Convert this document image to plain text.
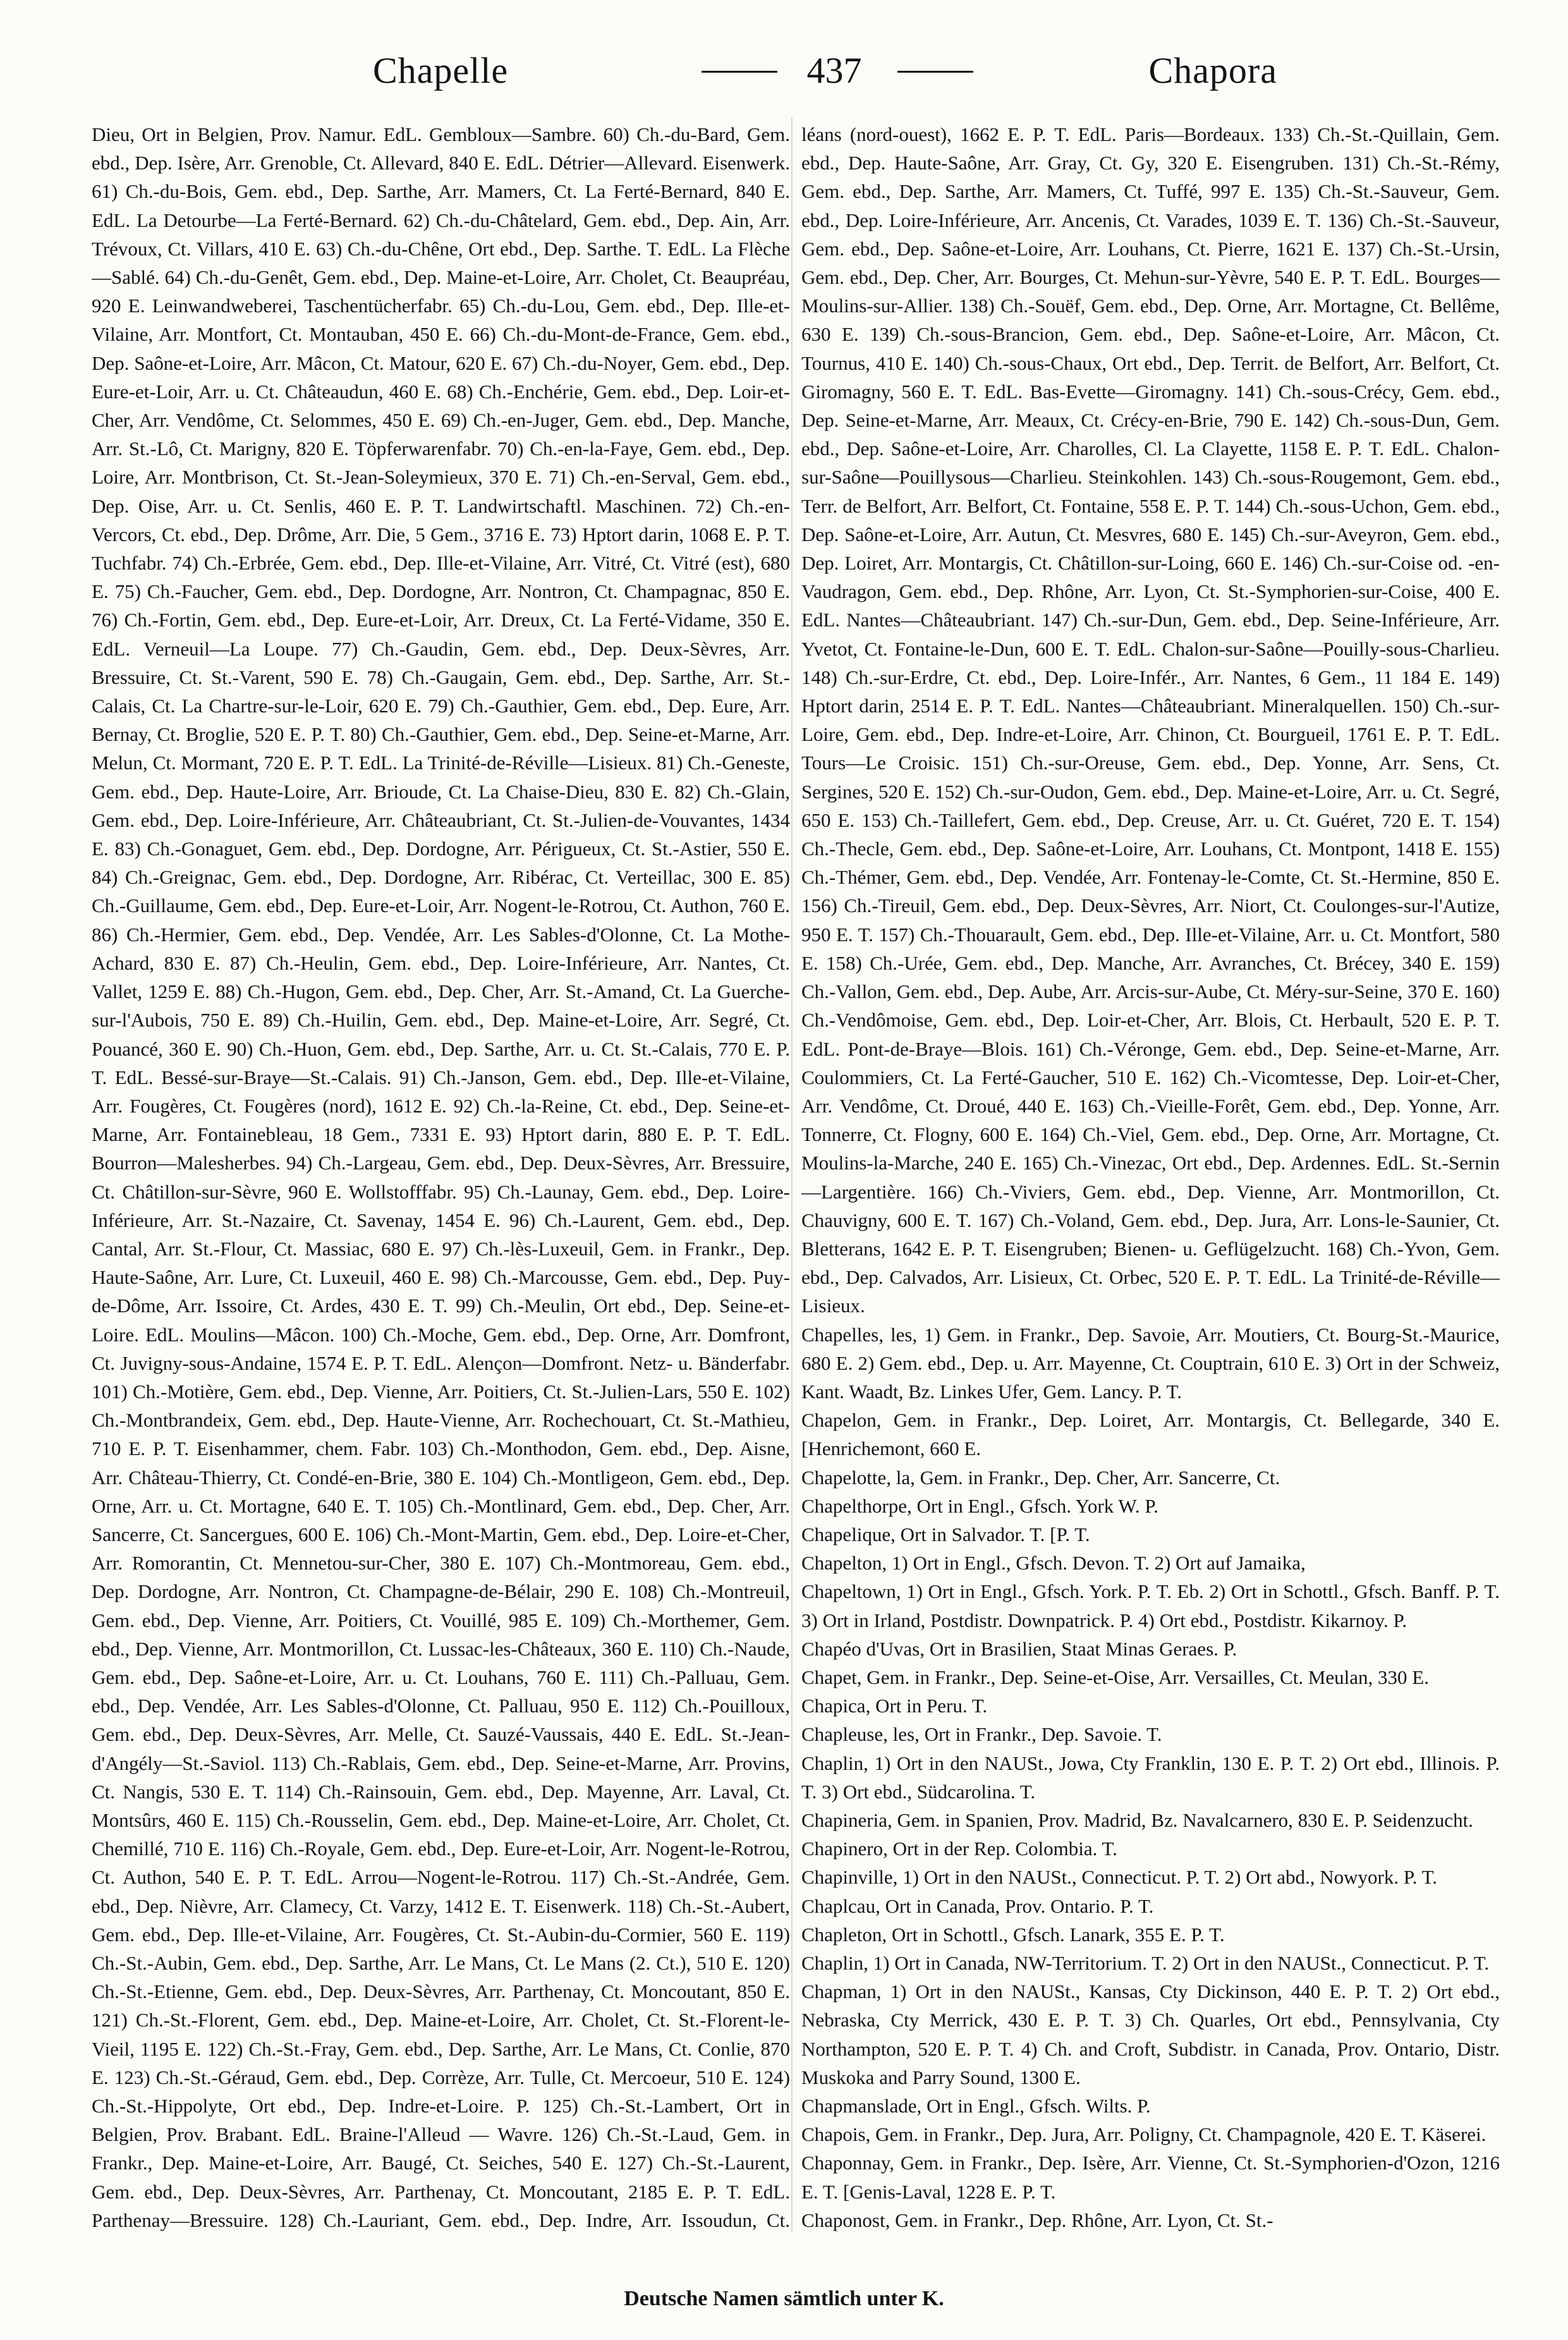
Chapelle	437	Chapora

Dieu, Ort in Belgien, Prov. Namur. EdL. Gembloux—Sambre. 60) Ch.-du-Bard, Gem. ebd., Dep. Isère, Arr. Grenoble, Ct. Allevard, 840 E. EdL. Détrier—Allevard. Eisenwerk. 61) Ch.-du-Bois, Gem. ebd., Dep. Sarthe, Arr. Mamers, Ct. La Ferté-Bernard, 840 E. EdL. La Detourbe—La Ferté-Bernard. 62) Ch.-du-Châtelard, Gem. ebd., Dep. Ain, Arr. Trévoux, Ct. Villars, 410 E. 63) Ch.-du-Chêne, Ort ebd., Dep. Sarthe. T. EdL. La Flèche—Sablé. 64) Ch.-du-Genêt, Gem. ebd., Dep. Maine-et-Loire, Arr. Cholet, Ct. Beaupréau, 920 E. Leinwandweberei, Taschentücherfabr. 65) Ch.-du-Lou, Gem. ebd., Dep. Ille-et-Vilaine, Arr. Montfort, Ct. Montauban, 450 E. 66) Ch.-du-Mont-de-France, Gem. ebd., Dep. Saône-et-Loire, Arr. Mâcon, Ct. Matour, 620 E. 67) Ch.-du-Noyer, Gem. ebd., Dep. Eure-et-Loir, Arr. u. Ct. Châteaudun, 460 E. 68) Ch.-Enchérie, Gem. ebd., Dep. Loir-et-Cher, Arr. Vendôme, Ct. Selommes, 450 E. 69) Ch.-en-Juger, Gem. ebd., Dep. Manche, Arr. St.-Lô, Ct. Marigny, 820 E. Töpferwarenfabr. 70) Ch.-en-la-Faye, Gem. ebd., Dep. Loire, Arr. Montbrison, Ct. St.-Jean-Soleymieux, 370 E. 71) Ch.-en-Serval, Gem. ebd., Dep. Oise, Arr. u. Ct. Senlis, 460 E. P. T. Landwirtschaftl. Maschinen. 72) Ch.-en-Vercors, Ct. ebd., Dep. Drôme, Arr. Die, 5 Gem., 3716 E. 73) Hptort darin, 1068 E. P. T. Tuchfabr. 74) Ch.-Erbrée, Gem. ebd., Dep. Ille-et-Vilaine, Arr. Vitré, Ct. Vitré (est), 680 E. 75) Ch.-Faucher, Gem. ebd., Dep. Dordogne, Arr. Nontron, Ct. Champagnac, 850 E. 76) Ch.-Fortin, Gem. ebd., Dep. Eure-et-Loir, Arr. Dreux, Ct. La Ferté-Vidame, 350 E. EdL. Verneuil—La Loupe. 77) Ch.-Gaudin, Gem. ebd., Dep. Deux-Sèvres, Arr. Bressuire, Ct. St.-Varent, 590 E. 78) Ch.-Gaugain, Gem. ebd., Dep. Sarthe, Arr. St.-Calais, Ct. La Chartre-sur-le-Loir, 620 E. 79) Ch.-Gauthier, Gem. ebd., Dep. Eure, Arr. Bernay, Ct. Broglie, 520 E. P. T. 80) Ch.-Gauthier, Gem. ebd., Dep. Seine-et-Marne, Arr. Melun, Ct. Mormant, 720 E. P. T. EdL. La Trinité-de-Réville—Lisieux. 81) Ch.-Geneste, Gem. ebd., Dep. Haute-Loire, Arr. Brioude, Ct. La Chaise-Dieu, 830 E. 82) Ch.-Glain, Gem. ebd., Dep. Loire-Inférieure, Arr. Châteaubriant, Ct. St.-Julien-de-Vouvantes, 1434 E. 83) Ch.-Gonaguet, Gem. ebd., Dep. Dordogne, Arr. Périgueux, Ct. St.-Astier, 550 E. 84) Ch.-Greignac, Gem. ebd., Dep. Dordogne, Arr. Ribérac, Ct. Verteillac, 300 E. 85) Ch.-Guillaume, Gem. ebd., Dep. Eure-et-Loir, Arr. Nogent-le-Rotrou, Ct. Authon, 760 E. 86) Ch.-Hermier, Gem. ebd., Dep. Vendée, Arr. Les Sables-d'Olonne, Ct. La Mothe-Achard, 830 E. 87) Ch.-Heulin, Gem. ebd., Dep. Loire-Inférieure, Arr. Nantes, Ct. Vallet, 1259 E. 88) Ch.-Hugon, Gem. ebd., Dep. Cher, Arr. St.-Amand, Ct. La Guerche-sur-l'Aubois, 750 E. 89) Ch.-Huilin, Gem. ebd., Dep. Maine-et-Loire, Arr. Segré, Ct. Pouancé, 360 E. 90) Ch.-Huon, Gem. ebd., Dep. Sarthe, Arr. u. Ct. St.-Calais, 770 E. P. T. EdL. Bessé-sur-Braye—St.-Calais. 91) Ch.-Janson, Gem. ebd., Dep. Ille-et-Vilaine, Arr. Fougères, Ct. Fougères (nord), 1612 E. 92) Ch.-la-Reine, Ct. ebd., Dep. Seine-et-Marne, Arr. Fontainebleau, 18 Gem., 7331 E. 93) Hptort darin, 880 E. P. T. EdL. Bourron—Malesherbes. 94) Ch.-Largeau, Gem. ebd., Dep. Deux-Sèvres, Arr. Bressuire, Ct. Châtillon-sur-Sèvre, 960 E. Wollstofffabr. 95) Ch.-Launay, Gem. ebd., Dep. Loire-Inférieure, Arr. St.-Nazaire, Ct. Savenay, 1454 E. 96) Ch.-Laurent, Gem. ebd., Dep. Cantal, Arr. St.-Flour, Ct. Massiac, 680 E. 97) Ch.-lès-Luxeuil, Gem. in Frankr., Dep. Haute-Saône, Arr. Lure, Ct. Luxeuil, 460 E. 98) Ch.-Marcousse, Gem. ebd., Dep. Puy-de-Dôme, Arr. Issoire, Ct. Ardes, 430 E. T. 99) Ch.-Meulin, Ort ebd., Dep. Seine-et-Loire. EdL. Moulins—Mâcon. 100) Ch.-Moche, Gem. ebd., Dep. Orne, Arr. Domfront, Ct. Juvigny-sous-Andaine, 1574 E. P. T. EdL. Alençon—Domfront. Netz- u. Bänderfabr. 101) Ch.-Motière, Gem. ebd., Dep. Vienne, Arr. Poitiers, Ct. St.-Julien-Lars, 550 E. 102) Ch.-Montbrandeix, Gem. ebd., Dep. Haute-Vienne, Arr. Rochechouart, Ct. St.-Mathieu, 710 E. P. T. Eisenhammer, chem. Fabr. 103) Ch.-Monthodon, Gem. ebd., Dep. Aisne, Arr. Château-Thierry, Ct. Condé-en-Brie, 380 E. 104) Ch.-Montligeon, Gem. ebd., Dep. Orne, Arr. u. Ct. Mortagne, 640 E. T. 105) Ch.-Montlinard, Gem. ebd., Dep. Cher, Arr. Sancerre, Ct. Sancergues, 600 E. 106) Ch.-Mont-Martin, Gem. ebd., Dep. Loire-et-Cher, Arr. Romorantin, Ct. Mennetou-sur-Cher, 380 E. 107) Ch.-Montmoreau, Gem. ebd., Dep. Dordogne, Arr. Nontron, Ct. Champagne-de-Bélair, 290 E. 108) Ch.-Montreuil, Gem. ebd., Dep. Vienne, Arr. Poitiers, Ct. Vouillé, 985 E. 109) Ch.-Morthemer, Gem. ebd., Dep. Vienne, Arr. Montmorillon, Ct. Lussac-les-Châteaux, 360 E. 110) Ch.-Naude, Gem. ebd., Dep. Saône-et-Loire, Arr. u. Ct. Louhans, 760 E. 111) Ch.-Palluau, Gem. ebd., Dep. Vendée, Arr. Les Sables-d'Olonne, Ct. Palluau, 950 E. 112) Ch.-Pouilloux, Gem. ebd., Dep. Deux-Sèvres, Arr. Melle, Ct. Sauzé-Vaussais, 440 E. EdL. St.-Jean-d'Angély—St.-Saviol. 113) Ch.-Rablais, Gem. ebd., Dep. Seine-et-Marne, Arr. Provins, Ct. Nangis, 530 E. T. 114) Ch.-Rainsouin, Gem. ebd., Dep. Mayenne, Arr. Laval, Ct. Montsûrs, 460 E. 115) Ch.-Rousselin, Gem. ebd., Dep. Maine-et-Loire, Arr. Cholet, Ct. Chemillé, 710 E. 116) Ch.-Royale, Gem. ebd., Dep. Eure-et-Loir, Arr. Nogent-le-Rotrou, Ct. Authon, 540 E. P. T. EdL. Arrou—Nogent-le-Rotrou. 117) Ch.-St.-Andrée, Gem. ebd., Dep. Nièvre, Arr. Clamecy, Ct. Varzy, 1412 E. T. Eisenwerk. 118) Ch.-St.-Aubert, Gem. ebd., Dep. Ille-et-Vilaine, Arr. Fougères, Ct. St.-Aubin-du-Cormier, 560 E. 119) Ch.-St.-Aubin, Gem. ebd., Dep. Sarthe, Arr. Le Mans, Ct. Le Mans (2. Ct.), 510 E. 120) Ch.-St.-Etienne, Gem. ebd., Dep. Deux-Sèvres, Arr. Parthenay, Ct. Moncoutant, 850 E. 121) Ch.-St.-Florent, Gem. ebd., Dep. Maine-et-Loire, Arr. Cholet, Ct. St.-Florent-le-Vieil, 1195 E. 122) Ch.-St.-Fray, Gem. ebd., Dep. Sarthe, Arr. Le Mans, Ct. Conlie, 870 E. 123) Ch.-St.-Géraud, Gem. ebd., Dep. Corrèze, Arr. Tulle, Ct. Mercoeur, 510 E. 124) Ch.-St.-Hippolyte, Ort ebd., Dep. Indre-et-Loire. P. 125) Ch.-St.-Lambert, Ort in Belgien, Prov. Brabant. EdL. Braine-l'Alleud — Wavre. 126) Ch.-St.-Laud, Gem. in Frankr., Dep. Maine-et-Loire, Arr. Baugé, Ct. Seiches, 540 E. 127) Ch.-St.-Laurent, Gem. ebd., Dep. Deux-Sèvres, Arr. Parthenay, Ct. Moncoutant, 2185 E. P. T. EdL. Parthenay—Bressuire. 128) Ch.-Lauriant, Gem. ebd., Dep. Indre, Arr. Issoudun, Ct.

léans (nord-ouest), 1662 E. P. T. EdL. Paris—Bordeaux. 133) Ch.-St.-Quillain, Gem. ebd., Dep. Haute-Saône, Arr. Gray, Ct. Gy, 320 E. Eisengruben. 131) Ch.-St.-Rémy, Gem. ebd., Dep. Sarthe, Arr. Mamers, Ct. Tuffé, 997 E. 135) Ch.-St.-Sauveur, Gem. ebd., Dep. Loire-Inférieure, Arr. Ancenis, Ct. Varades, 1039 E. T. 136) Ch.-St.-Sauveur, Gem. ebd., Dep. Saône-et-Loire, Arr. Louhans, Ct. Pierre, 1621 E. 137) Ch.-St.-Ursin, Gem. ebd., Dep. Cher, Arr. Bourges, Ct. Mehun-sur-Yèvre, 540 E. P. T. EdL. Bourges—Moulins-sur-Allier. 138) Ch.-Souëf, Gem. ebd., Dep. Orne, Arr. Mortagne, Ct. Bellême, 630 E. 139) Ch.-sous-Brancion, Gem. ebd., Dep. Saône-et-Loire, Arr. Mâcon, Ct. Tournus, 410 E. 140) Ch.-sous-Chaux, Ort ebd., Dep. Territ. de Belfort, Arr. Belfort, Ct. Giromagny, 560 E. T. EdL. Bas-Evette—Giromagny. 141) Ch.-sous-Crécy, Gem. ebd., Dep. Seine-et-Marne, Arr. Meaux, Ct. Crécy-en-Brie, 790 E. 142) Ch.-sous-Dun, Gem. ebd., Dep. Saône-et-Loire, Arr. Charolles, Cl. La Clayette, 1158 E. P. T. EdL. Chalon-sur-Saône—Pouillysous—Charlieu. Steinkohlen. 143) Ch.-sous-Rougemont, Gem. ebd., Terr. de Belfort, Arr. Belfort, Ct. Fontaine, 558 E. P. T. 144) Ch.-sous-Uchon, Gem. ebd., Dep. Saône-et-Loire, Arr. Autun, Ct. Mesvres, 680 E. 145) Ch.-sur-Aveyron, Gem. ebd., Dep. Loiret, Arr. Montargis, Ct. Châtillon-sur-Loing, 660 E. 146) Ch.-sur-Coise od. -en-Vaudragon, Gem. ebd., Dep. Rhône, Arr. Lyon, Ct. St.-Symphorien-sur-Coise, 400 E. EdL. Nantes—Châteaubriant. 147) Ch.-sur-Dun, Gem. ebd., Dep. Seine-Inférieure, Arr. Yvetot, Ct. Fontaine-le-Dun, 600 E. T. EdL. Chalon-sur-Saône—Pouilly-sous-Charlieu. 148) Ch.-sur-Erdre, Ct. ebd., Dep. Loire-Infér., Arr. Nantes, 6 Gem., 11 184 E. 149) Hptort darin, 2514 E. P. T. EdL. Nantes—Châteaubriant. Mineralquellen. 150) Ch.-sur-Loire, Gem. ebd., Dep. Indre-et-Loire, Arr. Chinon, Ct. Bourgueil, 1761 E. P. T. EdL. Tours—Le Croisic. 151) Ch.-sur-Oreuse, Gem. ebd., Dep. Yonne, Arr. Sens, Ct. Sergines, 520 E. 152) Ch.-sur-Oudon, Gem. ebd., Dep. Maine-et-Loire, Arr. u. Ct. Segré, 650 E. 153) Ch.-Taillefert, Gem. ebd., Dep. Creuse, Arr. u. Ct. Guéret, 720 E. T. 154) Ch.-Thecle, Gem. ebd., Dep. Saône-et-Loire, Arr. Louhans, Ct. Montpont, 1418 E. 155) Ch.-Thémer, Gem. ebd., Dep. Vendée, Arr. Fontenay-le-Comte, Ct. St.-Hermine, 850 E. 156) Ch.-Tireuil, Gem. ebd., Dep. Deux-Sèvres, Arr. Niort, Ct. Coulonges-sur-l'Autize, 950 E. T. 157) Ch.-Thouarault, Gem. ebd., Dep. Ille-et-Vilaine, Arr. u. Ct. Montfort, 580 E. 158) Ch.-Urée, Gem. ebd., Dep. Manche, Arr. Avranches, Ct. Brécey, 340 E. 159) Ch.-Vallon, Gem. ebd., Dep. Aube, Arr. Arcis-sur-Aube, Ct. Méry-sur-Seine, 370 E. 160) Ch.-Vendômoise, Gem. ebd., Dep. Loir-et-Cher, Arr. Blois, Ct. Herbault, 520 E. P. T. EdL. Pont-de-Braye—Blois. 161) Ch.-Véronge, Gem. ebd., Dep. Seine-et-Marne, Arr. Coulommiers, Ct. La Ferté-Gaucher, 510 E. 162) Ch.-Vicomtesse, Dep. Loir-et-Cher, Arr. Vendôme, Ct. Droué, 440 E. 163) Ch.-Vieille-Forêt, Gem. ebd., Dep. Yonne, Arr. Tonnerre, Ct. Flogny, 600 E. 164) Ch.-Viel, Gem. ebd., Dep. Orne, Arr. Mortagne, Ct. Moulins-la-Marche, 240 E. 165) Ch.-Vinezac, Ort ebd., Dep. Ardennes. EdL. St.-Sernin—Largentière. 166) Ch.-Viviers, Gem. ebd., Dep. Vienne, Arr. Montmorillon, Ct. Chauvigny, 600 E. T. 167) Ch.-Voland, Gem. ebd., Dep. Jura, Arr. Lons-le-Saunier, Ct. Bletterans, 1642 E. P. T. Eisengruben; Bienen- u. Geflügelzucht. 168) Ch.-Yvon, Gem. ebd., Dep. Calvados, Arr. Lisieux, Ct. Orbec, 520 E. P. T. EdL. La Trinité-de-Réville—Lisieux.

Chapelles, les, 1) Gem. in Frankr., Dep. Savoie, Arr. Moutiers, Ct. Bourg-St.-Maurice, 680 E. 2) Gem. ebd., Dep. u. Arr. Mayenne, Ct. Couptrain, 610 E. 3) Ort in der Schweiz, Kant. Waadt, Bz. Linkes Ufer, Gem. Lancy. P. T.

Chapelon, Gem. in Frankr., Dep. Loiret, Arr. Montargis, Ct. Bellegarde, 340 E. [Henrichemont, 660 E.

Chapelotte, la, Gem. in Frankr., Dep. Cher, Arr. Sancerre, Ct.

Chapelthorpe, Ort in Engl., Gfsch. York W. P.

Chapelique, Ort in Salvador. T. [P. T.

Chapelton, 1) Ort in Engl., Gfsch. Devon. T. 2) Ort auf Jamaika,

Chapeltown, 1) Ort in Engl., Gfsch. York. P. T. Eb. 2) Ort in Schottl., Gfsch. Banff. P. T. 3) Ort in Irland, Postdistr. Downpatrick. P. 4) Ort ebd., Postdistr. Kikarnoy. P.

Chapéo d'Uvas, Ort in Brasilien, Staat Minas Geraes. P.

Chapet, Gem. in Frankr., Dep. Seine-et-Oise, Arr. Versailles, Ct. Meulan, 330 E.

Chapica, Ort in Peru. T.

Chapleuse, les, Ort in Frankr., Dep. Savoie. T.

Chaplin, 1) Ort in den NAUSt., Jowa, Cty Franklin, 130 E. P. T. 2) Ort ebd., Illinois. P. T. 3) Ort ebd., Südcarolina. T.

Chapineria, Gem. in Spanien, Prov. Madrid, Bz. Navalcarnero, 830 E. P. Seidenzucht.

Chapinero, Ort in der Rep. Colombia. T.

Chapinville, 1) Ort in den NAUSt., Connecticut. P. T. 2) Ort abd., Nowyork. P. T.

Chaplcau, Ort in Canada, Prov. Ontario. P. T.

Chapleton, Ort in Schottl., Gfsch. Lanark, 355 E. P. T.

Chaplin, 1) Ort in Canada, NW-Territorium. T. 2) Ort in den NAUSt., Connecticut. P. T.

Chapman, 1) Ort in den NAUSt., Kansas, Cty Dickinson, 440 E. P. T. 2) Ort ebd., Nebraska, Cty Merrick, 430 E. P. T. 3) Ch. Quarles, Ort ebd., Pennsylvania, Cty Northampton, 520 E. P. T. 4) Ch. and Croft, Subdistr. in Canada, Prov. Ontario, Distr. Muskoka and Parry Sound, 1300 E.

Chapmanslade, Ort in Engl., Gfsch. Wilts. P.

Chapois, Gem. in Frankr., Dep. Jura, Arr. Poligny, Ct. Champagnole, 420 E. T. Käserei.

Chaponnay, Gem. in Frankr., Dep. Isère, Arr. Vienne, Ct. St.-Symphorien-d'Ozon, 1216 E. T. [Genis-Laval, 1228 E. P. T.

Chaponost, Gem. in Frankr., Dep. Rhône, Arr. Lyon, Ct. St.-

Deutsche Namen sämtlich unter K.
